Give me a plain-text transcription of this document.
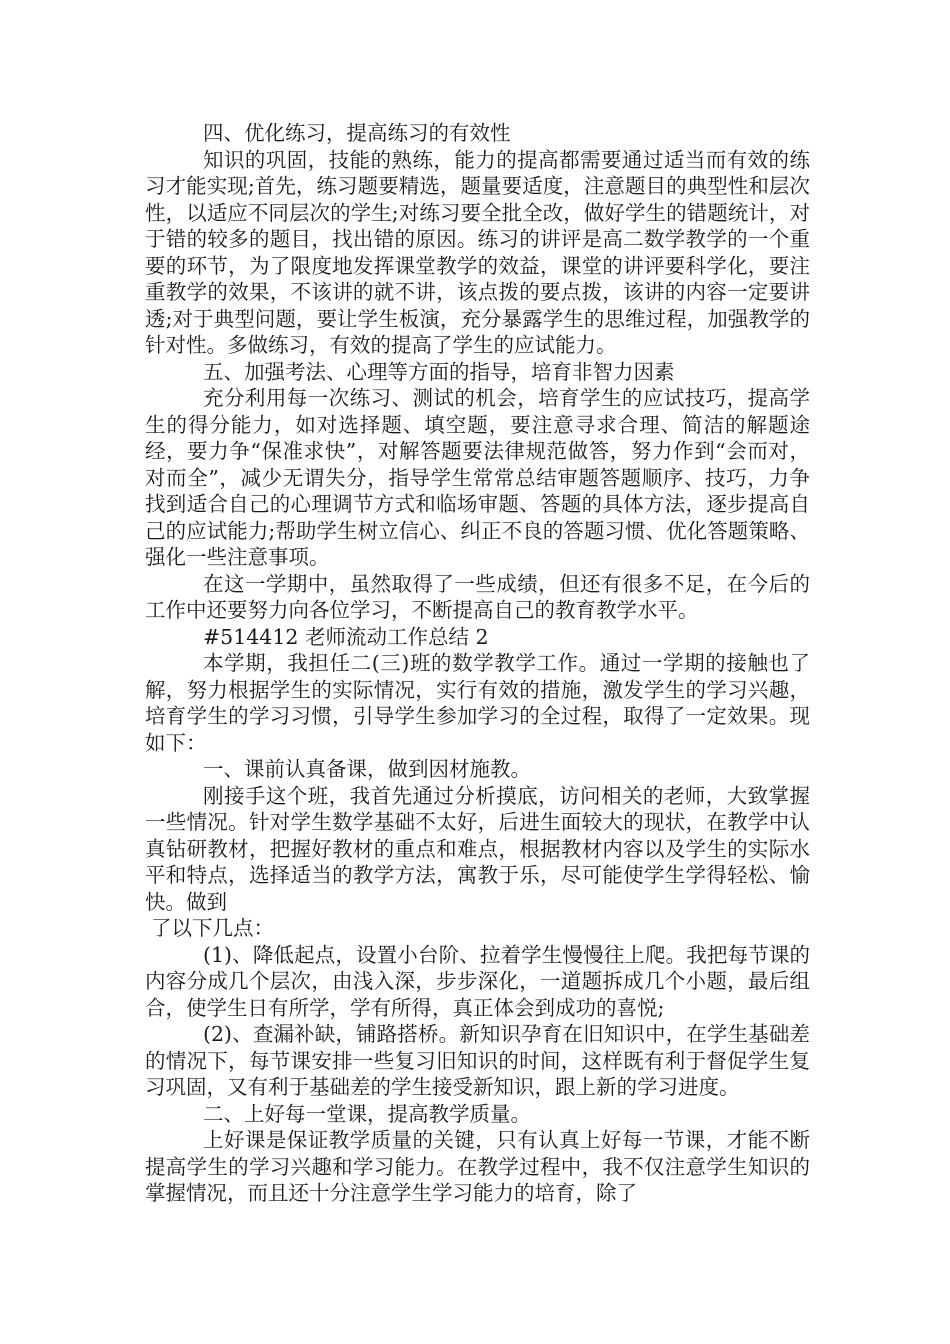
四、优化练习，提高练习的有效性

知识的巩固，技能的熟练，能力的提高都需要通过适当而有效的练习才能实现;首先，练习题要精选，题量要适度，注意题目的典型性和层次性，以适应不同层次的学生;对练习要全批全改，做好学生的错题统计，对于错的较多的题目，找出错的原因。练习的讲评是高二数学教学的一个重要的环节，为了限度地发挥课堂教学的效益，课堂的讲评要科学化，要注重教学的效果，不该讲的就不讲，该点拨的要点拨，该讲的内容一定要讲透;对于典型问题，要让学生板演，充分暴露学生的思维过程，加强教学的针对性。多做练习，有效的提高了学生的应试能力。

五、加强考法、心理等方面的指导，培育非智力因素

充分利用每一次练习、测试的机会，培育学生的应试技巧，提高学生的得分能力，如对选择题、填空题，要注意寻求合理、简洁的解题途经，要力争“保准求快”，对解答题要法律规范做答，努力作到“会而对，对而全”，减少无谓失分，指导学生常常总结审题答题顺序、技巧，力争找到适合自己的心理调节方式和临场审题、答题的具体方法，逐步提高自己的应试能力;帮助学生树立信心、纠正不良的答题习惯、优化答题策略、强化一些注意事项。

在这一学期中，虽然取得了一些成绩，但还有很多不足，在今后的工作中还要努力向各位学习，不断提高自己的教育教学水平。

#514412 老师流动工作总结 2

本学期，我担任二(三)班的数学教学工作。通过一学期的接触也了解，努力根据学生的实际情况，实行有效的措施，激发学生的学习兴趣，培育学生的学习习惯，引导学生参加学习的全过程，取得了一定效果。现如下：

一、课前认真备课，做到因材施教。

刚接手这个班，我首先通过分析摸底，访问相关的老师，大致掌握一些情况。针对学生数学基础不太好，后进生面较大的现状，在教学中认真钻研教材，把握好教材的重点和难点，根据教材内容以及学生的实际水平和特点，选择适当的教学方法，寓教于乐，尽可能使学生学得轻松、愉快。做到

了以下几点：

(1)、降低起点，设置小台阶、拉着学生慢慢往上爬。我把每节课的内容分成几个层次，由浅入深，步步深化，一道题拆成几个小题，最后组合，使学生日有所学，学有所得，真正体会到成功的喜悦;

(2)、查漏补缺，铺路搭桥。新知识孕育在旧知识中，在学生基础差的情况下，每节课安排一些复习旧知识的时间，这样既有利于督促学生复习巩固，又有利于基础差的学生接受新知识，跟上新的学习进度。

二、上好每一堂课，提高教学质量。

上好课是保证教学质量的关键，只有认真上好每一节课，才能不断提高学生的学习兴趣和学习能力。在教学过程中，我不仅注意学生知识的掌握情况，而且还十分注意学生学习能力的培育，除了
